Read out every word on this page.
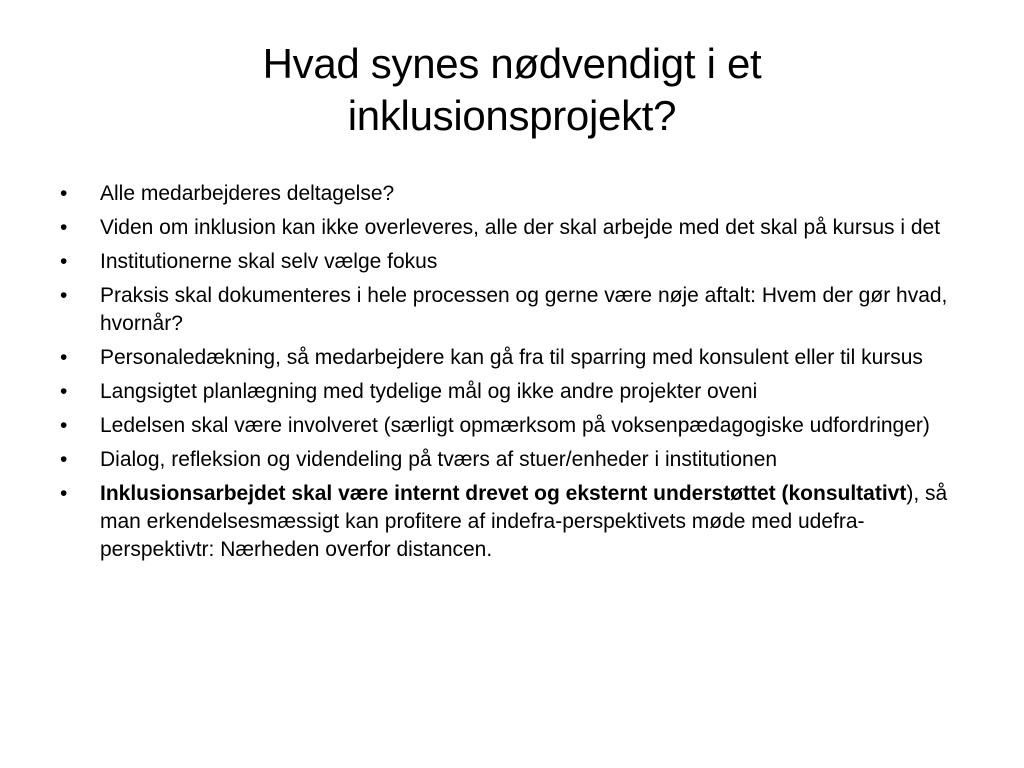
Hvad synes nødvendigt i et
inklusionsprojekt?
•	Alle medarbejderes deltagelse?
•	Viden om inklusion kan ikke overleveres, alle der skal arbejde med det skal på kursus i det
•	Institutionerne skal selv vælge fokus
•	Praksis skal dokumenteres i hele processen og gerne være nøje aftalt: Hvem der gør hvad, hvornår?
•	Personaledækning, så medarbejdere kan gå fra til sparring med konsulent eller til kursus
•	Langsigtet planlægning med tydelige mål og ikke andre projekter oveni
•	Ledelsen skal være involveret (særligt opmærksom på voksenpædagogiske udfordringer)
•	Dialog, refleksion og videndeling på tværs af stuer/enheder i institutionen
•	Inklusionsarbejdet skal være internt drevet og eksternt understøttet (konsultativt), så man erkendelsesmæssigt kan profitere af indefra-perspektivets møde med udefra-perspektivtr: Nærheden overfor distancen.
